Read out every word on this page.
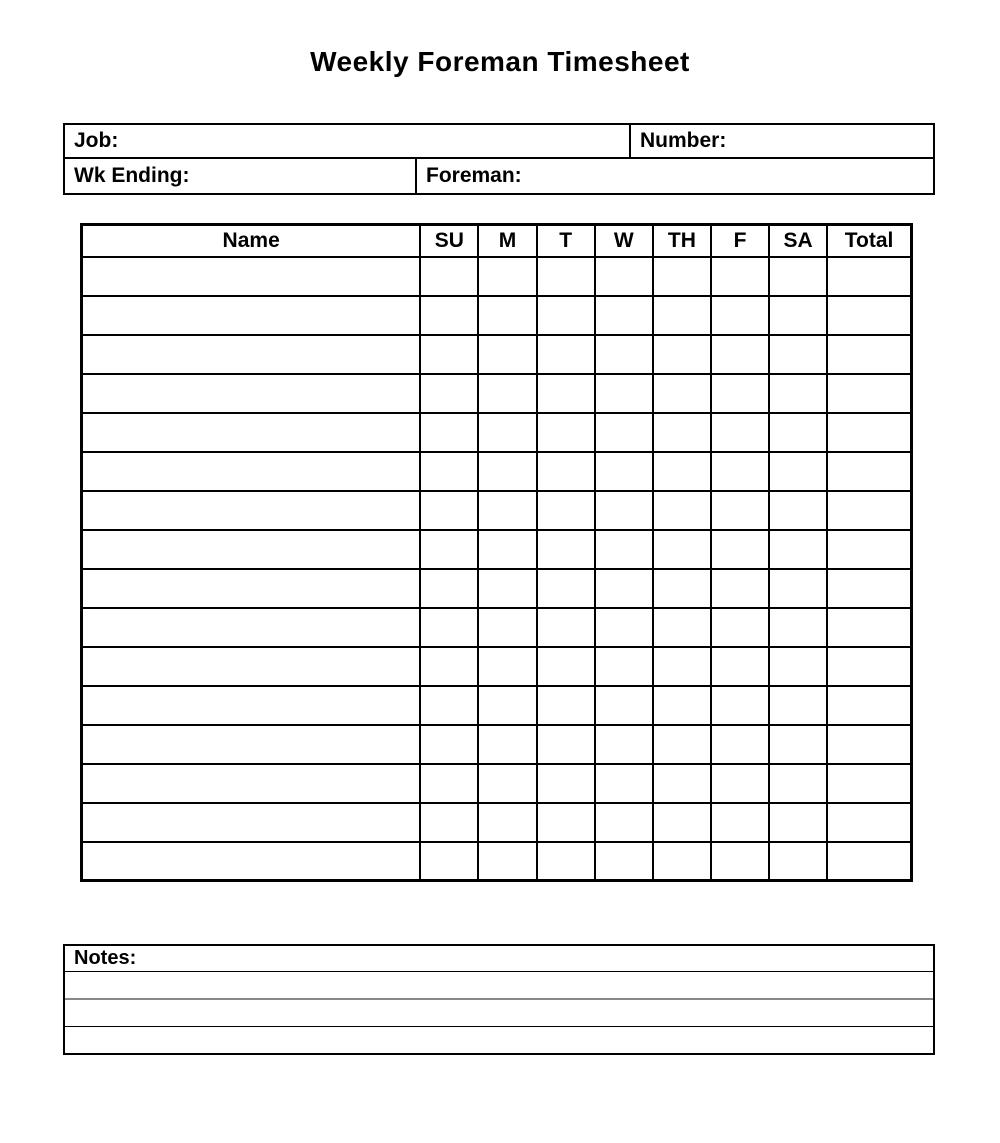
Weekly Foreman Timesheet
Job:	Number:
Wk Ending:	Foreman:
Name	SU	M	T	W	TH	F	SA	Total

Notes:
